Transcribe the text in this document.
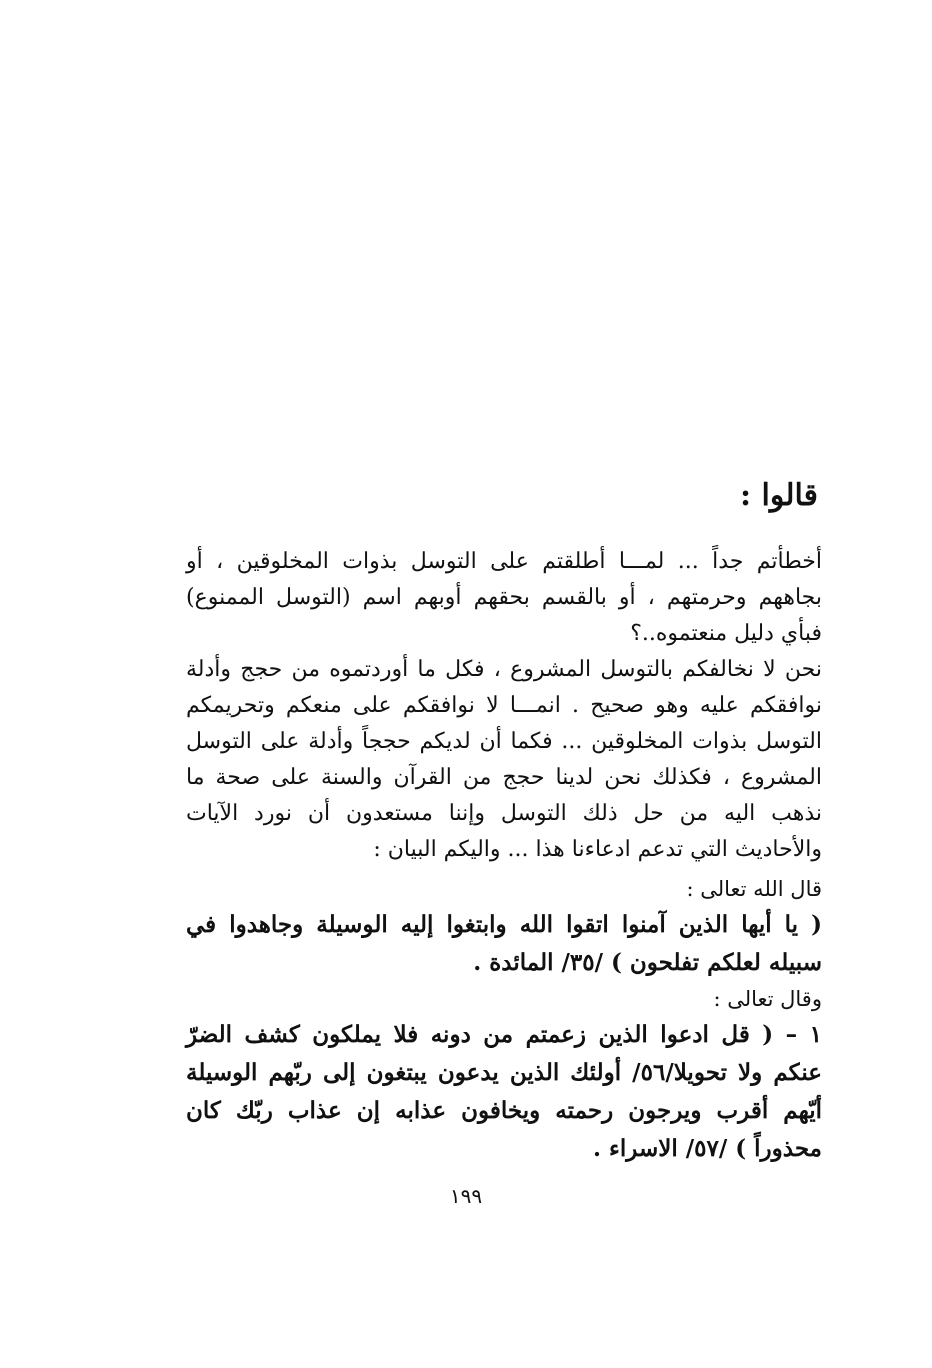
قالوا :

أخطأتم جداً ... لمـــا أطلقتم على التوسل بذوات المخلوقين ، أو بجاههم وحرمتهم ، أو بالقسم بحقهم أوبهم اسم (التوسل الممنوع) فبأي دليل منعتموه..؟

نحن لا نخالفكم بالتوسل المشروع ، فكل ما أوردتموه من حجج وأدلة نوافقكم عليه وهو صحيح . انمـــا لا نوافقكم على منعكم وتحريمكم التوسل بذوات المخلوقين ... فكما أن لديكم حججاً وأدلة على التوسل المشروع ، فكذلك نحن لدينا حجج من القرآن والسنة على صحة ما نذهب اليه من حل ذلك التوسل وإننا مستعدون أن نورد الآيات والأحاديث التي تدعم ادعاءنا هذا ... واليكم البيان :

قال الله تعالى :

( يا أيها الذين آمنوا اتقوا الله وابتغوا إليه الوسيلة وجاهدوا في سبيله لعلكم تفلحون ) /٣٥/ المائدة .

وقال تعالى :

١ – ( قل ادعوا الذين زعمتم من دونه فلا يملكون كشف الضرّ عنكم ولا تحويلا/٥٦/ أولئك الذين يدعون يبتغون إلى ربّهم الوسيلة أيّهم أقرب ويرجون رحمته ويخافون عذابه إن عذاب ربّك كان محذوراً ) /٥٧/ الاسراء .

١٩٩
